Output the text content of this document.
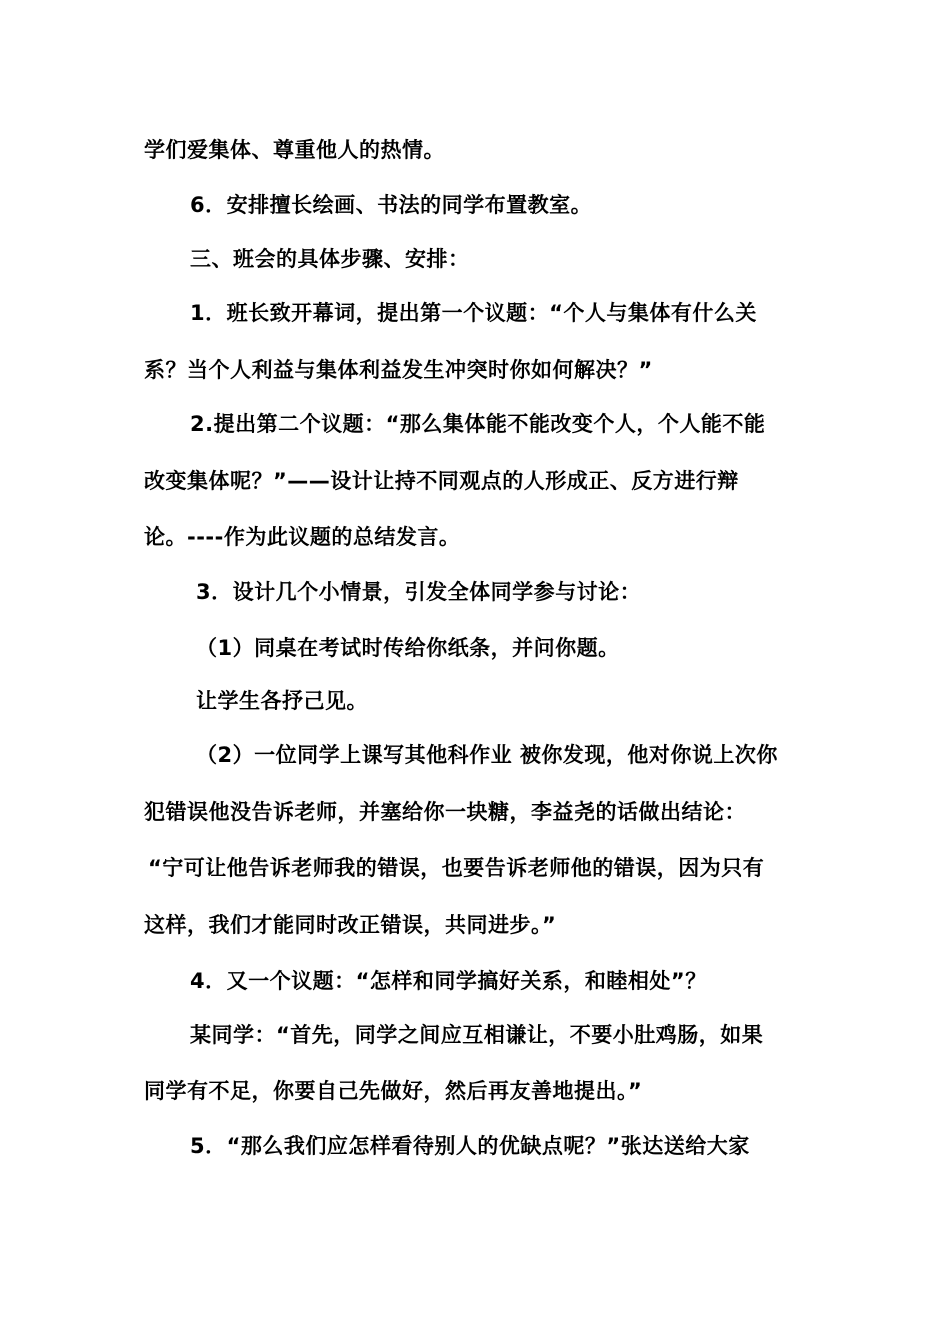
学们爱集体、尊重他人的热情。
6．安排擅长绘画、书法的同学布置教室。
三、班会的具体步骤、安排：
1．班长致开幕词，提出第一个议题：“个人与集体有什么关
系？当个人利益与集体利益发生冲突时你如何解决？”
2.提出第二个议题：“那么集体能不能改变个人，个人能不能
改变集体呢？”——设计让持不同观点的人形成正、反方进行辩
论。----作为此议题的总结发言。
3．设计几个小情景，引发全体同学参与讨论：
（1）同桌在考试时传给你纸条，并问你题。
让学生各抒己见。
（2）一位同学上课写其他科作业 被你发现，他对你说上次你
犯错误他没告诉老师，并塞给你一块糖，李益尧的话做出结论：
“宁可让他告诉老师我的错误，也要告诉老师他的错误，因为只有
这样，我们才能同时改正错误，共同进步。”
4．又一个议题：“怎样和同学搞好关系，和睦相处”？
某同学：“首先，同学之间应互相谦让，不要小肚鸡肠，如果
同学有不足，你要自己先做好，然后再友善地提出。”
5．“那么我们应怎样看待别人的优缺点呢？”张达送给大家
